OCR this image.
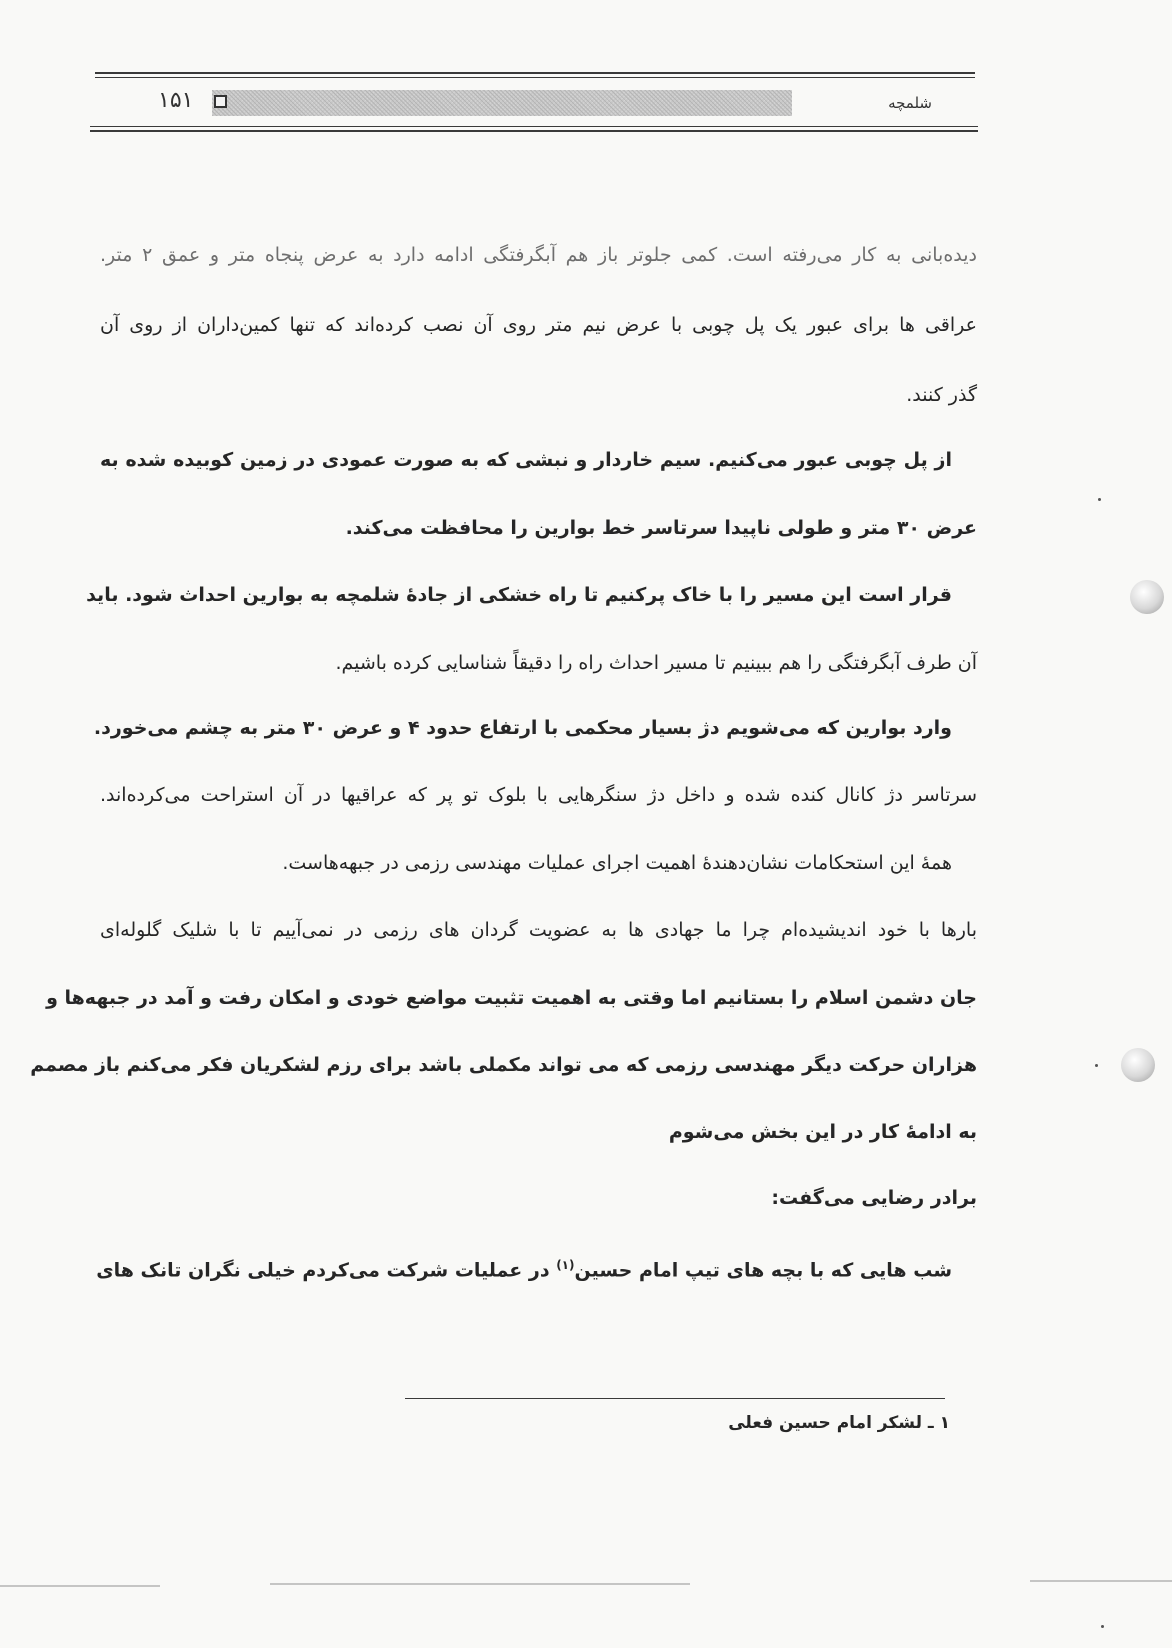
۱۵۱	شلمچه
دیده‌بانی به کار می‌رفته است. کمی جلوتر باز هم آبگرفتگی ادامه دارد به عرض پنجاه متر و عمق ۲ متر.
عراقی ها برای عبور یک پل چوبی با عرض نیم متر روی آن نصب کرده‌اند که تنها کمین‌داران از روی آن
گذر کنند.
از پل چوبی عبور می‌کنیم. سیم خاردار و نبشی که به صورت عمودی در زمین کوبیده شده به
عرض ۳۰ متر و طولی ناپیدا سرتاسر خط بوارین را محافظت می‌کند.
قرار است این مسیر را با خاک پرکنیم تا راه خشکی از جادهٔ شلمچه به بوارین احداث شود. باید
آن طرف آبگرفتگی را هم ببینیم تا مسیر احداث راه را دقیقاً شناسایی کرده باشیم.
وارد بوارین که می‌شویم دژ بسیار محکمی با ارتفاع حدود ۴ و عرض ۳۰ متر به چشم می‌خورد.
سرتاسر دژ کانال کنده شده و داخل دژ سنگرهایی با بلوک تو پر که عراقیها در آن استراحت می‌کرده‌اند.
همهٔ این استحکامات نشان‌دهندهٔ اهمیت اجرای عملیات مهندسی رزمی در جبهه‌هاست.
بارها با خود اندیشیده‌ام چرا ما جهادی ها به عضویت گردان های رزمی در نمی‌آییم تا با شلیک گلوله‌ای
جان دشمن اسلام را بستانیم اما وقتی به اهمیت تثبیت مواضع خودی و امکان رفت و آمد در جبهه‌ها و
هزاران حرکت دیگر مهندسی رزمی که می تواند مکملی باشد برای رزم لشکریان فکر می‌کنم باز مصمم
به ادامهٔ کار در این بخش می‌شوم
برادر رضایی می‌گفت:
شب هایی که با بچه های تیپ امام حسین$^{(۱)}$ در عملیات شرکت می‌کردم خیلی نگران تانک های
۱ ـ لشکر امام حسین فعلی
